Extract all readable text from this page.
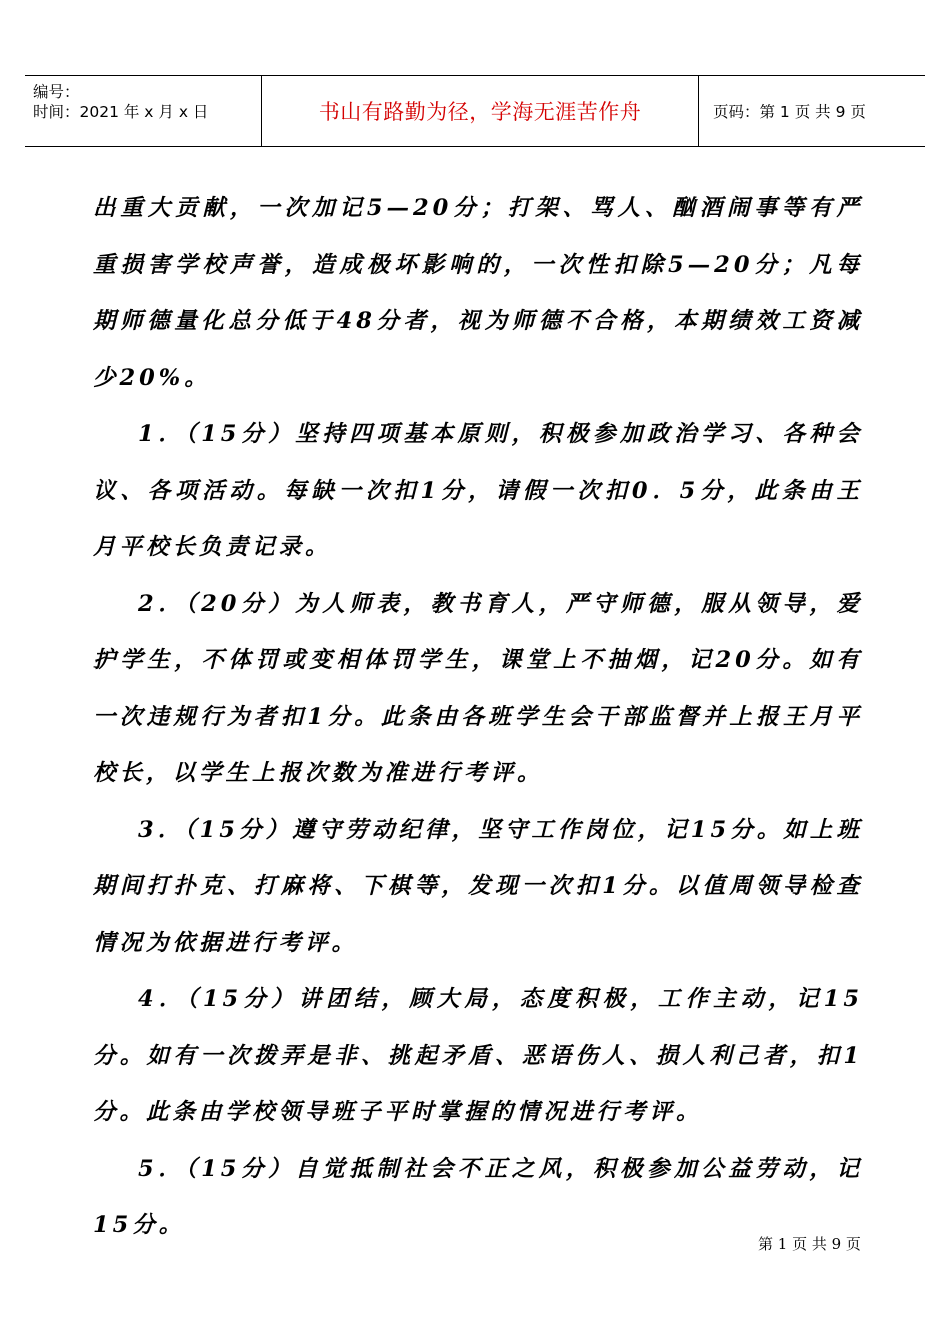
编号：
时间：2021 年 x 月 x 日	书山有路勤为径，学海无涯苦作舟	页码：第 1 页 共 9 页

出重大贡献，一次加记5—20分；打架、骂人、酗酒闹事等有严重损害学校声誉，造成极坏影响的，一次性扣除5—20分；凡每期师德量化总分低于48分者，视为师德不合格，本期绩效工资减少20%。

1．（15分）坚持四项基本原则，积极参加政治学习、各种会议、各项活动。每缺一次扣1分，请假一次扣0．5分，此条由王月平校长负责记录。

2．（20分）为人师表，教书育人，严守师德，服从领导，爱护学生，不体罚或变相体罚学生，课堂上不抽烟，记20分。如有一次违规行为者扣1分。此条由各班学生会干部监督并上报王月平校长，以学生上报次数为准进行考评。

3．（15分）遵守劳动纪律，坚守工作岗位，记15分。如上班期间打扑克、打麻将、下棋等，发现一次扣1分。以值周领导检查情况为依据进行考评。

4．（15分）讲团结，顾大局，态度积极，工作主动，记15分。如有一次拨弄是非、挑起矛盾、恶语伤人、损人利己者，扣1分。此条由学校领导班子平时掌握的情况进行考评。

5．（15分）自觉抵制社会不正之风，积极参加公益劳动，记15分。

第 1 页 共 9 页
